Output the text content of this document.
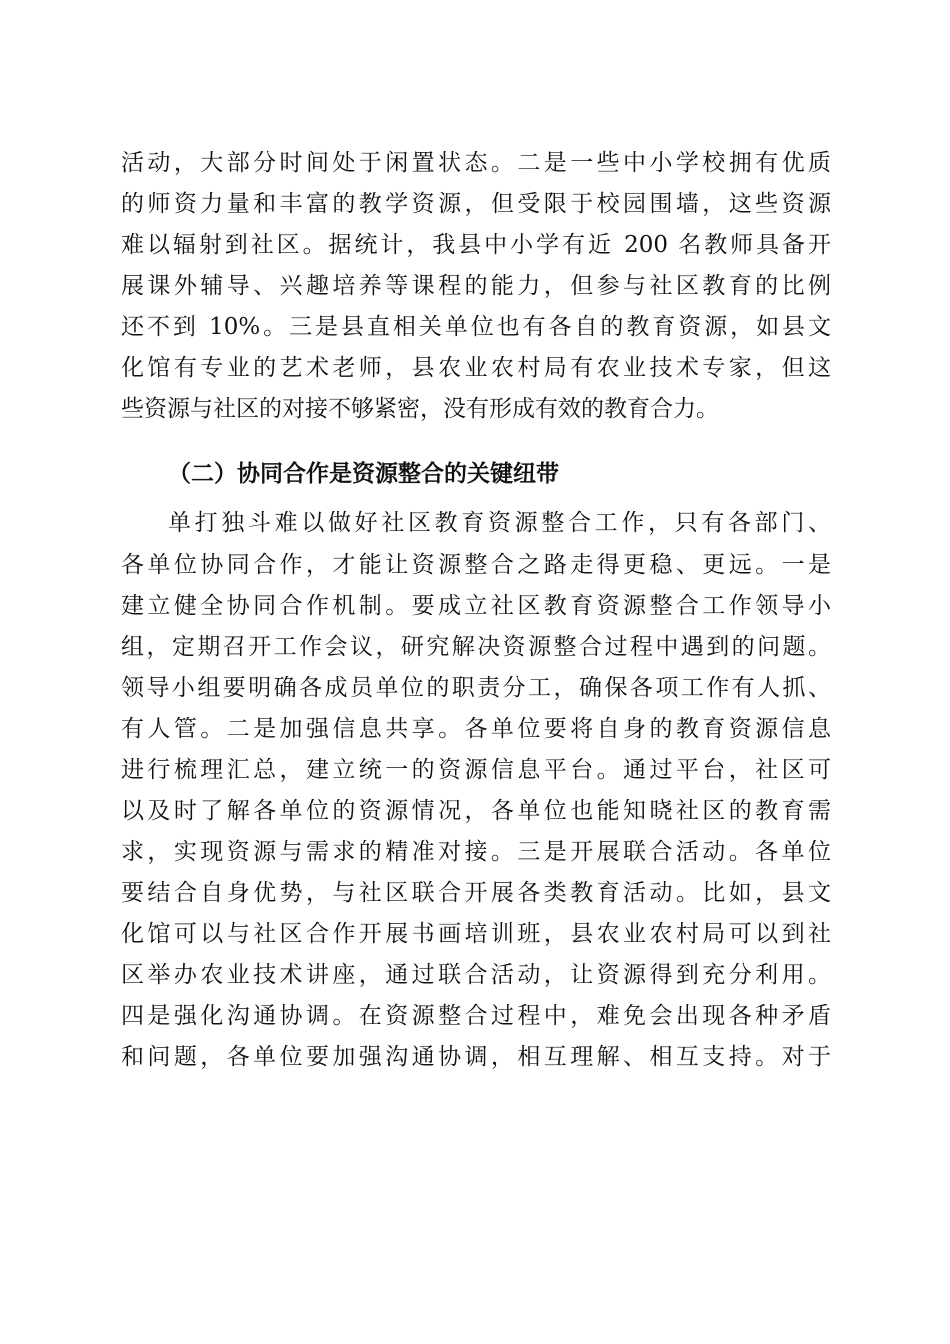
活动，大部分时间处于闲置状态。二是一些中小学校拥有优质
的师资力量和丰富的教学资源，但受限于校园围墙，这些资源
难以辐射到社区。据统计，我县中小学有近 200 名教师具备开
展课外辅导、兴趣培养等课程的能力，但参与社区教育的比例
还不到 10%。三是县直相关单位也有各自的教育资源，如县文
化馆有专业的艺术老师，县农业农村局有农业技术专家，但这
些资源与社区的对接不够紧密，没有形成有效的教育合力。
（二）协同合作是资源整合的关键纽带
单打独斗难以做好社区教育资源整合工作，只有各部门、
各单位协同合作，才能让资源整合之路走得更稳、更远。一是
建立健全协同合作机制。要成立社区教育资源整合工作领导小
组，定期召开工作会议，研究解决资源整合过程中遇到的问题。
领导小组要明确各成员单位的职责分工，确保各项工作有人抓、
有人管。二是加强信息共享。各单位要将自身的教育资源信息
进行梳理汇总，建立统一的资源信息平台。通过平台，社区可
以及时了解各单位的资源情况，各单位也能知晓社区的教育需
求，实现资源与需求的精准对接。三是开展联合活动。各单位
要结合自身优势，与社区联合开展各类教育活动。比如，县文
化馆可以与社区合作开展书画培训班，县农业农村局可以到社
区举办农业技术讲座，通过联合活动，让资源得到充分利用。
四是强化沟通协调。在资源整合过程中，难免会出现各种矛盾
和问题，各单位要加强沟通协调，相互理解、相互支持。对于
